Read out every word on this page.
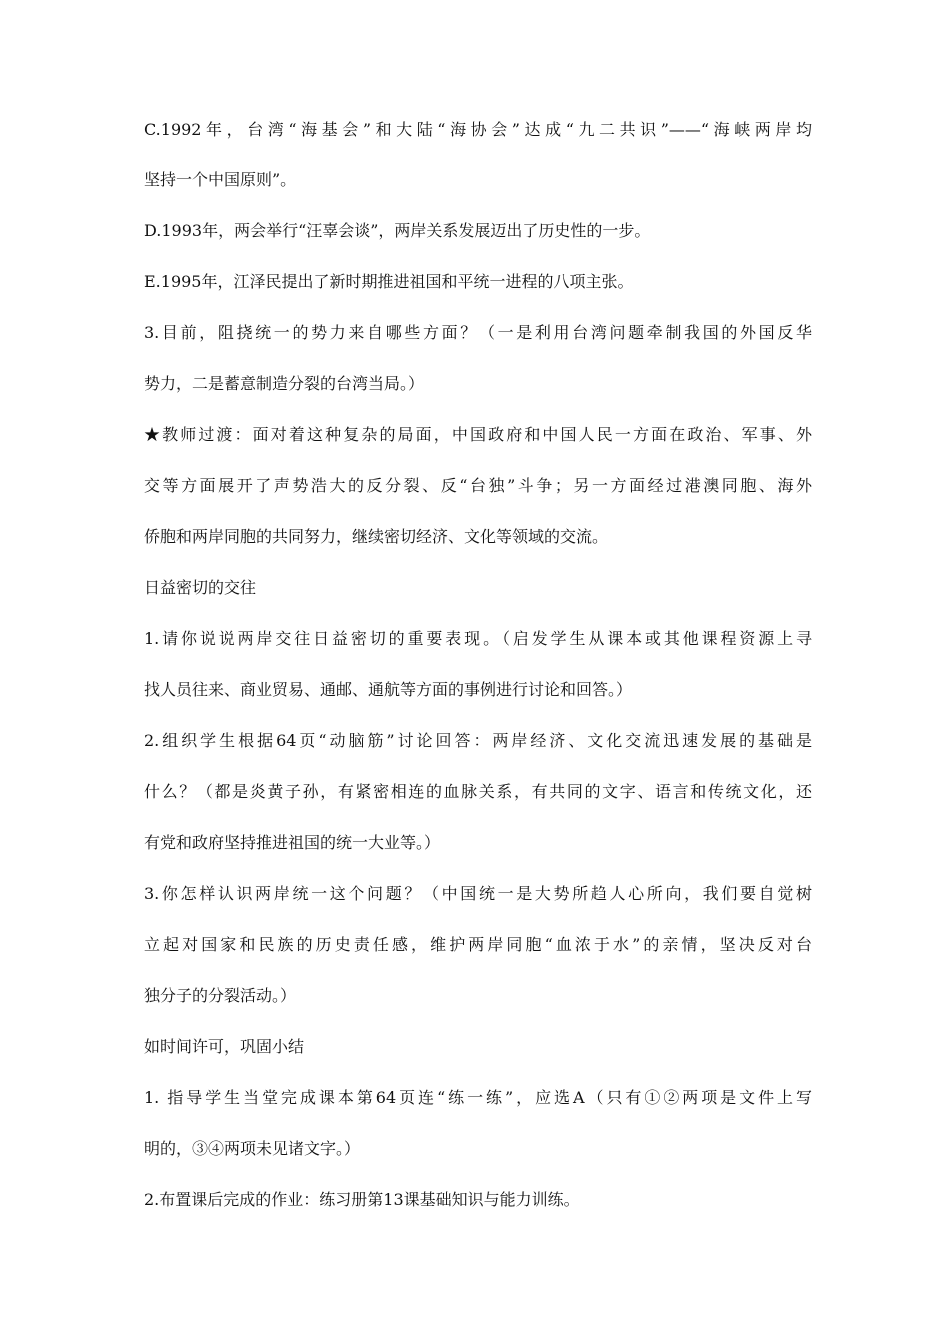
C.1992年，台湾“海基会”和大陆“海协会”达成“九二共识”——“海峡两岸均
坚持一个中国原则”。
D.1993年，两会举行“汪辜会谈”，两岸关系发展迈出了历史性的一步。
E.1995年，江泽民提出了新时期推进祖国和平统一进程的八项主张。
3.目前，阻挠统一的势力来自哪些方面？（一是利用台湾问题牵制我国的外国反华
势力，二是蓄意制造分裂的台湾当局。）
★教师过渡：面对着这种复杂的局面，中国政府和中国人民一方面在政治、军事、外
交等方面展开了声势浩大的反分裂、反“台独”斗争；另一方面经过港澳同胞、海外
侨胞和两岸同胞的共同努力，继续密切经济、文化等领域的交流。
日益密切的交往
1.请你说说两岸交往日益密切的重要表现。（启发学生从课本或其他课程资源上寻
找人员往来、商业贸易、通邮、通航等方面的事例进行讨论和回答。）
2.组织学生根据64页“动脑筋”讨论回答：两岸经济、文化交流迅速发展的基础是
什么？（都是炎黄子孙，有紧密相连的血脉关系，有共同的文字、语言和传统文化，还
有党和政府坚持推进祖国的统一大业等。）
3.你怎样认识两岸统一这个问题？（中国统一是大势所趋人心所向，我们要自觉树
立起对国家和民族的历史责任感，维护两岸同胞“血浓于水”的亲情，坚决反对台
独分子的分裂活动。）
如时间许可，巩固小结
1. 指导学生当堂完成课本第64页连“练一练”，应选A（只有①②两项是文件上写
明的，③④两项未见诸文字。）
2.布置课后完成的作业：练习册第13课基础知识与能力训练。
